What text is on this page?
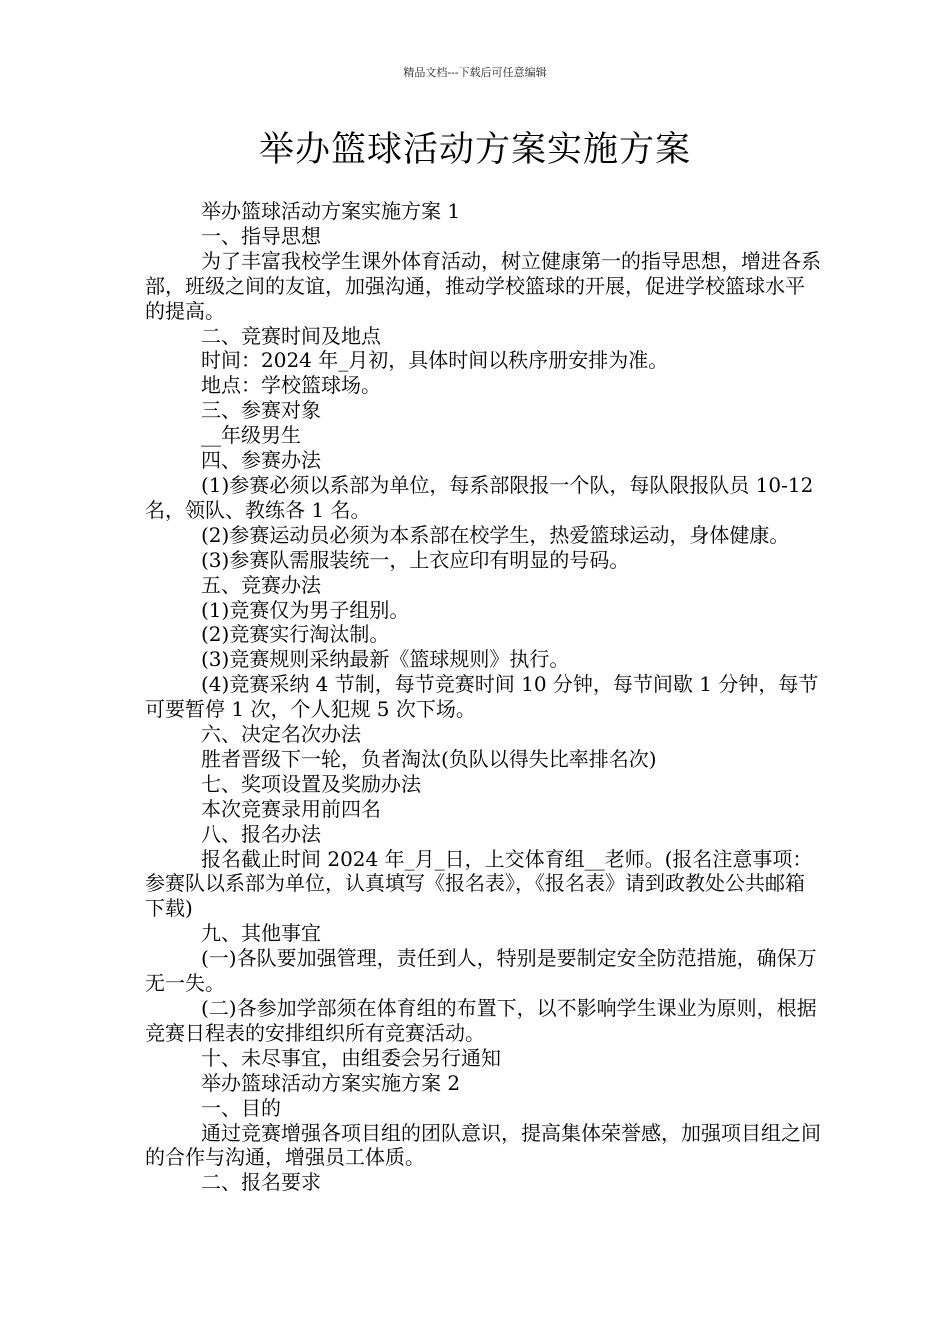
精品文档---下载后可任意编辑
举办篮球活动方案实施方案

举办篮球活动方案实施方案 1

一、指导思想

为了丰富我校学生课外体育活动，树立健康第一的指导思想，增进各系部，班级之间的友谊，加强沟通，推动学校篮球的开展，促进学校篮球水平的提高。

二、竞赛时间及地点

时间：2024 年_月初，具体时间以秩序册安排为准。

地点：学校篮球场。

三、参赛对象

__年级男生

四、参赛办法

(1)参赛必须以系部为单位，每系部限报一个队，每队限报队员 10-12 名，领队、教练各 1 名。

(2)参赛运动员必须为本系部在校学生，热爱篮球运动，身体健康。

(3)参赛队需服装统一，上衣应印有明显的号码。

五、竞赛办法

(1)竞赛仅为男子组别。

(2)竞赛实行淘汰制。

(3)竞赛规则采纳最新《篮球规则》执行。

(4)竞赛采纳 4 节制，每节竞赛时间 10 分钟，每节间歇 1 分钟，每节可要暂停 1 次，个人犯规 5 次下场。

六、决定名次办法

胜者晋级下一轮，负者淘汰(负队以得失比率排名次)

七、奖项设置及奖励办法

本次竞赛录用前四名

八、报名办法

报名截止时间 2024 年_月_日，上交体育组__老师。(报名注意事项：参赛队以系部为单位，认真填写《报名表》，《报名表》请到政教处公共邮箱下载)

九、其他事宜

(一)各队要加强管理，责任到人，特别是要制定安全防范措施，确保万无一失。

(二)各参加学部须在体育组的布置下，以不影响学生课业为原则，根据竞赛日程表的安排组织所有竞赛活动。

十、未尽事宜，由组委会另行通知

举办篮球活动方案实施方案 2

一、目的

通过竞赛增强各项目组的团队意识，提高集体荣誉感，加强项目组之间的合作与沟通，增强员工体质。

二、报名要求
